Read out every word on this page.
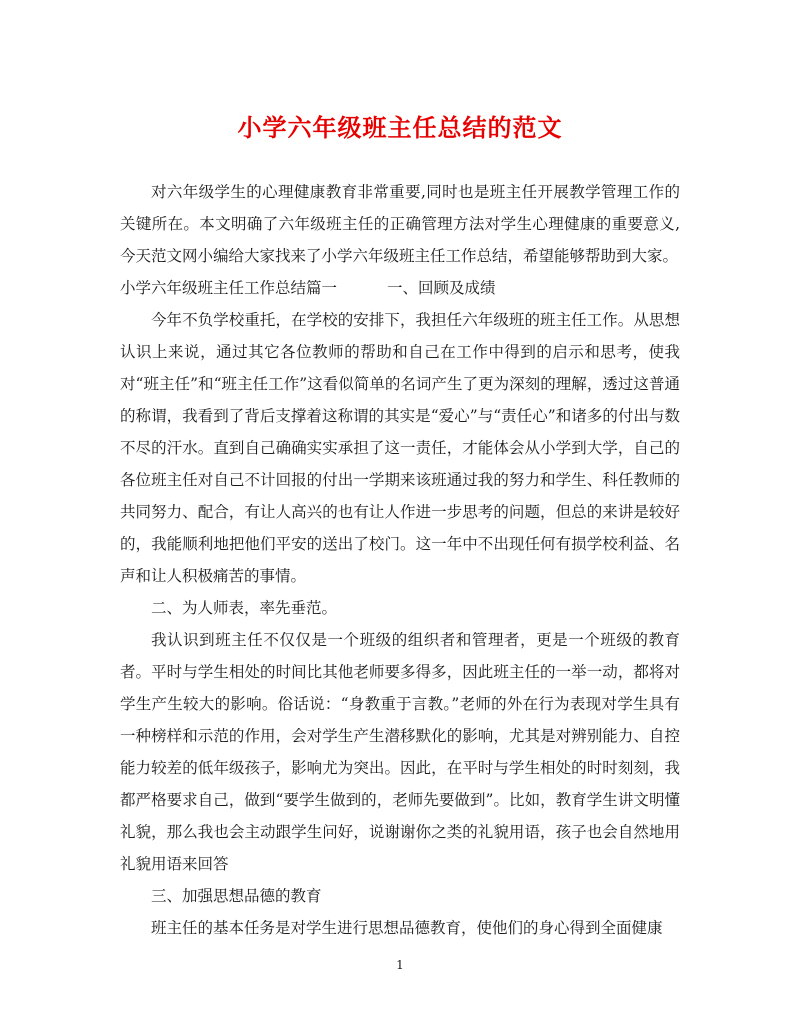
小学六年级班主任总结的范文

对六年级学生的心理健康教育非常重要,同时也是班主任开展教学管理工作的关键所在。本文明确了六年级班主任的正确管理方法对学生心理健康的重要意义,今天范文网小编给大家找来了小学六年级班主任工作总结，希望能够帮助到大家。

小学六年级班主任工作总结篇一	一、回顾及成绩

今年不负学校重托，在学校的安排下，我担任六年级班的班主任工作。从思想认识上来说，通过其它各位教师的帮助和自己在工作中得到的启示和思考，使我对“班主任”和“班主任工作”这看似简单的名词产生了更为深刻的理解，透过这普通的称谓，我看到了背后支撑着这称谓的其实是“爱心”与“责任心”和诸多的付出与数不尽的汗水。直到自己确确实实承担了这一责任，才能体会从小学到大学，自己的各位班主任对自己不计回报的付出一学期来该班通过我的努力和学生、科任教师的共同努力、配合，有让人高兴的也有让人作进一步思考的问题，但总的来讲是较好的，我能顺利地把他们平安的送出了校门。这一年中不出现任何有损学校利益、名声和让人积极痛苦的事情。

二、为人师表，率先垂范。

我认识到班主任不仅仅是一个班级的组织者和管理者，更是一个班级的教育者。平时与学生相处的时间比其他老师要多得多，因此班主任的一举一动，都将对学生产生较大的影响。俗话说：“身教重于言教。”老师的外在行为表现对学生具有一种榜样和示范的作用，会对学生产生潜移默化的影响，尤其是对辨别能力、自控能力较差的低年级孩子，影响尤为突出。因此，在平时与学生相处的时时刻刻，我都严格要求自己，做到“要学生做到的，老师先要做到”。比如，教育学生讲文明懂礼貌，那么我也会主动跟学生问好，说谢谢你之类的礼貌用语，孩子也会自然地用礼貌用语来回答

三、加强思想品德的教育

班主任的基本任务是对学生进行思想品德教育，使他们的身心得到全面健康

1
